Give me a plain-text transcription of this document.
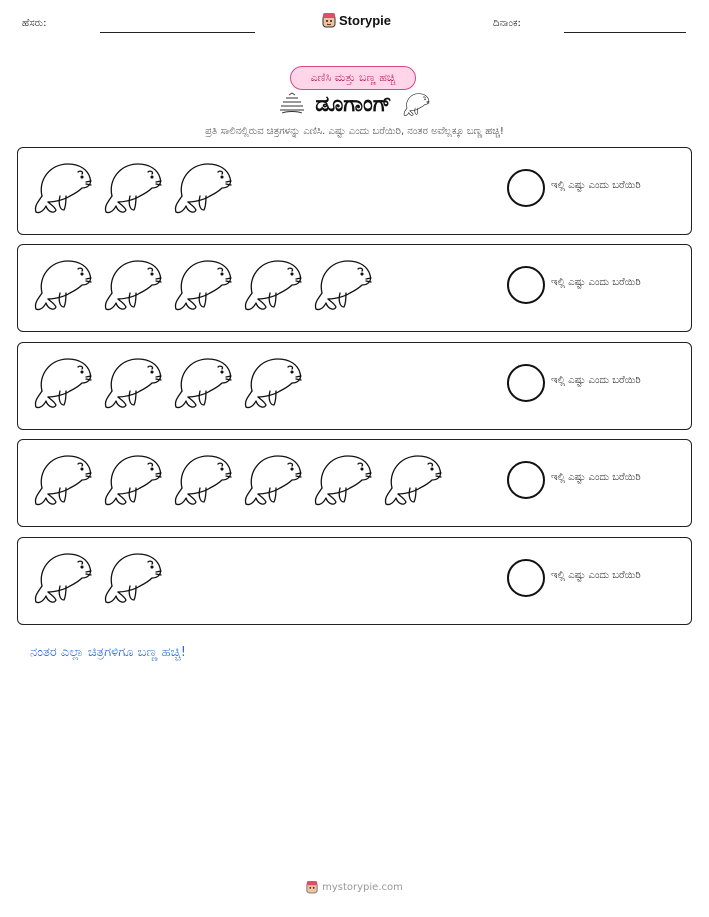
ಹೆಸರು:	Storypie	ದಿನಾಂಕ:
ಎಣಿಸಿ ಮತ್ತು ಬಣ್ಣ ಹಚ್ಚಿ
ಡೂಗಾಂಗ್
ಪ್ರತಿ ಸಾಲಿನಲ್ಲಿರುವ ಚಿತ್ರಗಳನ್ನು ಎಣಿಸಿ. ಎಷ್ಟು ಎಂದು ಬರೆಯಿರಿ, ನಂತರ ಅವೆಲ್ಲಕ್ಕೂ ಬಣ್ಣ ಹಚ್ಚಿ!
ಇಲ್ಲಿ ಎಷ್ಟು ಎಂದು ಬರೆಯಿರಿ
ಇಲ್ಲಿ ಎಷ್ಟು ಎಂದು ಬರೆಯಿರಿ
ಇಲ್ಲಿ ಎಷ್ಟು ಎಂದು ಬರೆಯಿರಿ
ಇಲ್ಲಿ ಎಷ್ಟು ಎಂದು ಬರೆಯಿರಿ
ಇಲ್ಲಿ ಎಷ್ಟು ಎಂದು ಬರೆಯಿರಿ
ನಂತರ ಎಲ್ಲಾ ಚಿತ್ರಗಳಿಗೂ ಬಣ್ಣ ಹಚ್ಚಿ!
mystorypie.com
